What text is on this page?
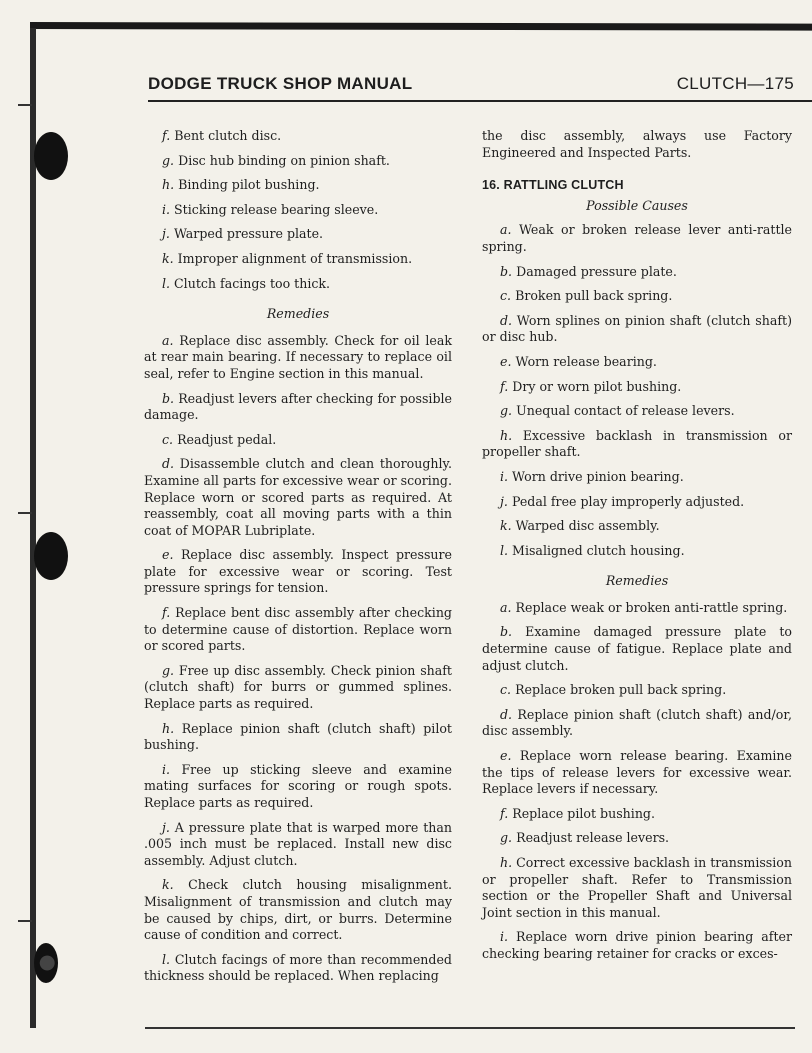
DODGE TRUCK SHOP MANUAL	CLUTCH—175
f. Bent clutch disc.
g. Disc hub binding on pinion shaft.
h. Binding pilot bushing.
i. Sticking release bearing sleeve.
j. Warped pressure plate.
k. Improper alignment of transmission.
l. Clutch facings too thick.
Remedies
a. Replace disc assembly. Check for oil leak at rear main bearing. If necessary to replace oil seal, refer to Engine section in this manual.
b. Readjust levers after checking for possible damage.
c. Readjust pedal.
d. Disassemble clutch and clean thoroughly. Examine all parts for excessive wear or scoring. Replace worn or scored parts as required. At reassembly, coat all moving parts with a thin coat of MOPAR Lubriplate.
e. Replace disc assembly. Inspect pressure plate for excessive wear or scoring. Test pressure springs for tension.
f. Replace bent disc assembly after checking to determine cause of distortion. Replace worn or scored parts.
g. Free up disc assembly. Check pinion shaft (clutch shaft) for burrs or gummed splines. Replace parts as required.
h. Replace pinion shaft (clutch shaft) pilot bushing.
i. Free up sticking sleeve and examine mating surfaces for scoring or rough spots. Replace parts as required.
j. A pressure plate that is warped more than .005 inch must be replaced. Install new disc assembly. Adjust clutch.
k. Check clutch housing misalignment. Misalignment of transmission and clutch may be caused by chips, dirt, or burrs. Determine cause of condition and correct.
l. Clutch facings of more than recommended thickness should be replaced. When replacing
the disc assembly, always use Factory Engineered and Inspected Parts.
16. RATTLING CLUTCH
Possible Causes
a. Weak or broken release lever anti-rattle spring.
b. Damaged pressure plate.
c. Broken pull back spring.
d. Worn splines on pinion shaft (clutch shaft) or disc hub.
e. Worn release bearing.
f. Dry or worn pilot bushing.
g. Unequal contact of release levers.
h. Excessive backlash in transmission or propeller shaft.
i. Worn drive pinion bearing.
j. Pedal free play improperly adjusted.
k. Warped disc assembly.
l. Misaligned clutch housing.
Remedies
a. Replace weak or broken anti-rattle spring.
b. Examine damaged pressure plate to determine cause of fatigue. Replace plate and adjust clutch.
c. Replace broken pull back spring.
d. Replace pinion shaft (clutch shaft) and/or, disc assembly.
e. Replace worn release bearing. Examine the tips of release levers for excessive wear. Replace levers if necessary.
f. Replace pilot bushing.
g. Readjust release levers.
h. Correct excessive backlash in transmission or propeller shaft. Refer to Transmission section or the Propeller Shaft and Universal Joint section in this manual.
i. Replace worn drive pinion bearing after checking bearing retainer for cracks or exces-
